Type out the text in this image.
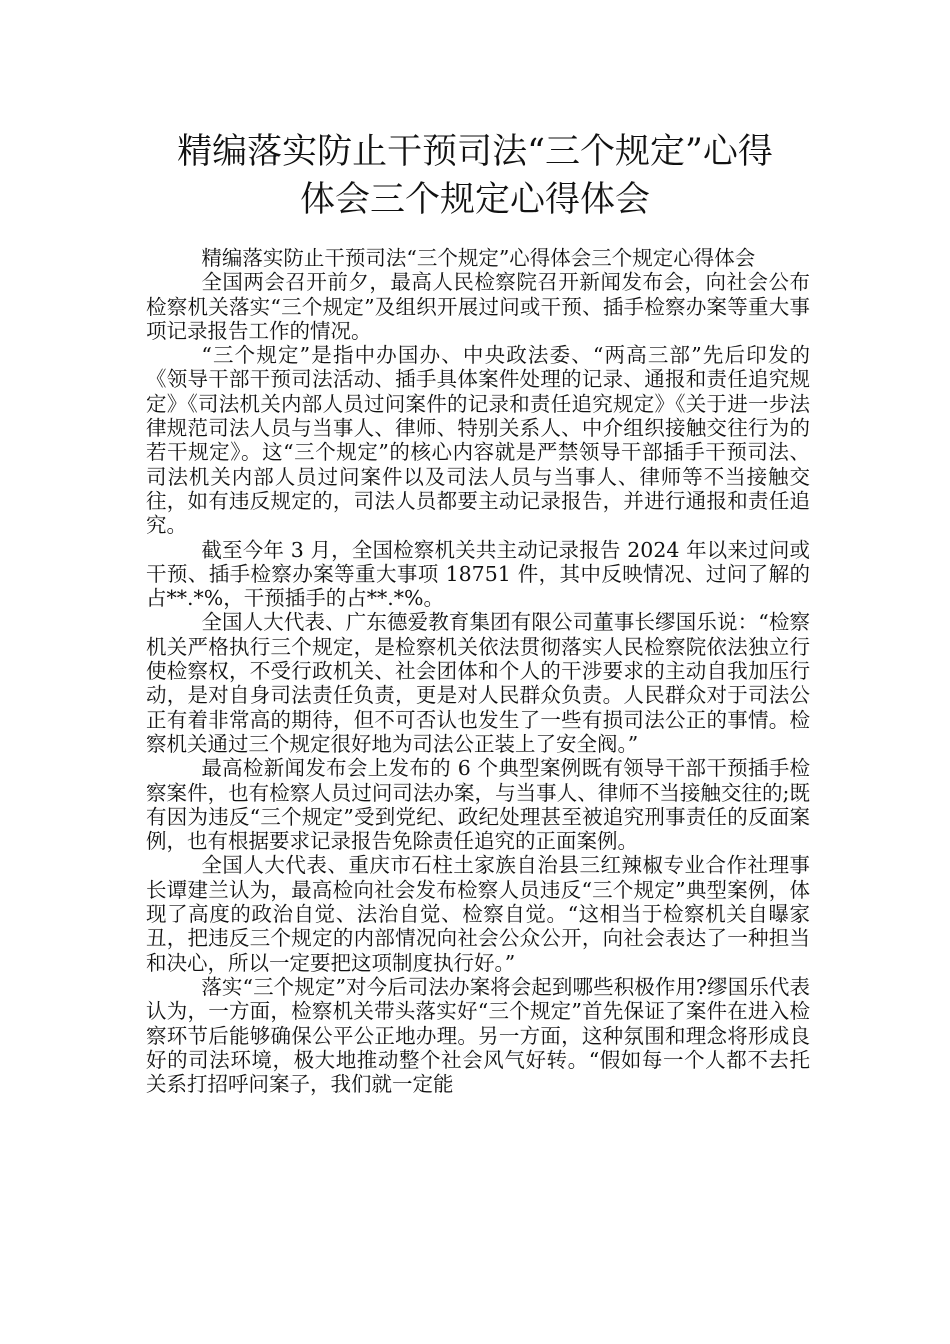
精编落实防止干预司法“三个规定”心得
体会三个规定心得体会

精编落实防止干预司法“三个规定”心得体会三个规定心得体会

全国两会召开前夕，最高人民检察院召开新闻发布会，向社会公布检察机关落实“三个规定”及组织开展过问或干预、插手检察办案等重大事项记录报告工作的情况。

“三个规定”是指中办国办、中央政法委、“两高三部”先后印发的《领导干部干预司法活动、插手具体案件处理的记录、通报和责任追究规定》《司法机关内部人员过问案件的记录和责任追究规定》《关于进一步法律规范司法人员与当事人、律师、特别关系人、中介组织接触交往行为的若干规定》。这“三个规定”的核心内容就是严禁领导干部插手干预司法、司法机关内部人员过问案件以及司法人员与当事人、律师等不当接触交往，如有违反规定的，司法人员都要主动记录报告，并进行通报和责任追究。

截至今年 3 月，全国检察机关共主动记录报告 2024 年以来过问或干预、插手检察办案等重大事项 18751 件，其中反映情况、过问了解的占**.*%，干预插手的占**.*%。

全国人大代表、广东德爱教育集团有限公司董事长缪国乐说：“检察机关严格执行三个规定，是检察机关依法贯彻落实人民检察院依法独立行使检察权，不受行政机关、社会团体和个人的干涉要求的主动自我加压行动，是对自身司法责任负责，更是对人民群众负责。人民群众对于司法公正有着非常高的期待，但不可否认也发生了一些有损司法公正的事情。检察机关通过三个规定很好地为司法公正装上了安全阀。”

最高检新闻发布会上发布的 6 个典型案例既有领导干部干预插手检察案件，也有检察人员过问司法办案，与当事人、律师不当接触交往的;既有因为违反“三个规定”受到党纪、政纪处理甚至被追究刑事责任的反面案例，也有根据要求记录报告免除责任追究的正面案例。

全国人大代表、重庆市石柱土家族自治县三红辣椒专业合作社理事长谭建兰认为，最高检向社会发布检察人员违反“三个规定”典型案例，体现了高度的政治自觉、法治自觉、检察自觉。“这相当于检察机关自曝家丑，把违反三个规定的内部情况向社会公众公开，向社会表达了一种担当和决心，所以一定要把这项制度执行好。”

落实“三个规定”对今后司法办案将会起到哪些积极作用?缪国乐代表认为，一方面，检察机关带头落实好“三个规定”首先保证了案件在进入检察环节后能够确保公平公正地办理。另一方面，这种氛围和理念将形成良好的司法环境，极大地推动整个社会风气好转。“假如每一个人都不去托关系打招呼问案子，我们就一定能
